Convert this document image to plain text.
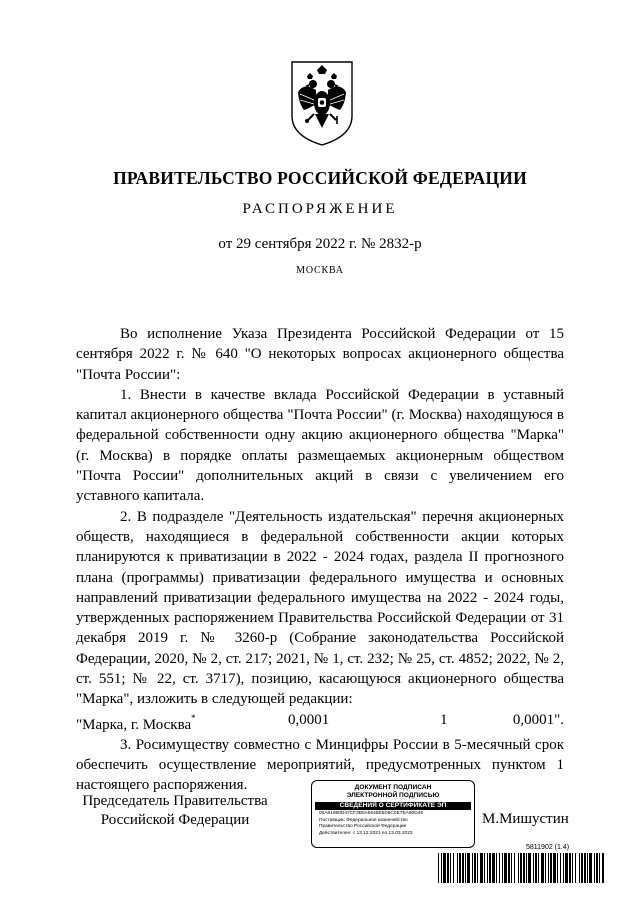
ПРАВИТЕЛЬСТВО РОССИЙСКОЙ ФЕДЕРАЦИИ
РАСПОРЯЖЕНИЕ
от 29 сентября 2022 г. № 2832-р
МОСКВА

Во исполнение Указа Президента Российской Федерации от 15 сентября 2022 г. № 640 "О некоторых вопросах акционерного общества "Почта России":

1. Внести в качестве вклада Российской Федерации в уставный капитал акционерного общества "Почта России" (г. Москва) находящуюся в федеральной собственности одну акцию акционерного общества "Марка" (г. Москва) в порядке оплаты размещаемых акционерным обществом "Почта России" дополнительных акций в связи с увеличением его уставного капитала.

2. В подразделе "Деятельность издательская" перечня акционерных обществ, находящиеся в федеральной собственности акции которых планируются к приватизации в 2022 - 2024 годах, раздела II прогнозного плана (программы) приватизации федерального имущества и основных направлений приватизации федерального имущества на 2022 - 2024 годы, утвержденных распоряжением Правительства Российской Федерации от 31 декабря 2019 г. № 3260-р (Собрание законодательства Российской Федерации, 2020, № 2, ст. 217; 2021, № 1, ст. 232; № 25, ст. 4852; 2022, № 2, ст. 551; № 22, ст. 3717), позицию, касающуюся акционерного общества "Марка", изложить в следующей редакции:

"Марка, г. Москва*	0,0001	1	0,0001".

3. Росимуществу совместно с Минцифры России в 5-месячный срок обеспечить осуществление мероприятий, предусмотренных пунктом 1 настоящего распоряжения.

Председатель Правительства
Российской Федерации
ДОКУМЕНТ ПОДПИСАН
ЭЛЕКТРОННОЙ ПОДПИСЬЮ
СВЕДЕНИЯ О СЕРТИФИКАТЕ ЭП
00A61980D47CF3B0A5645E5D6C0E7EA90D46
Поставщик: Федеральное казначейство
Правительство Российской Федерации
Действителен: с 13.12.2021 по 13.03.2023
М.Мишустин
5811902 (1.4)
